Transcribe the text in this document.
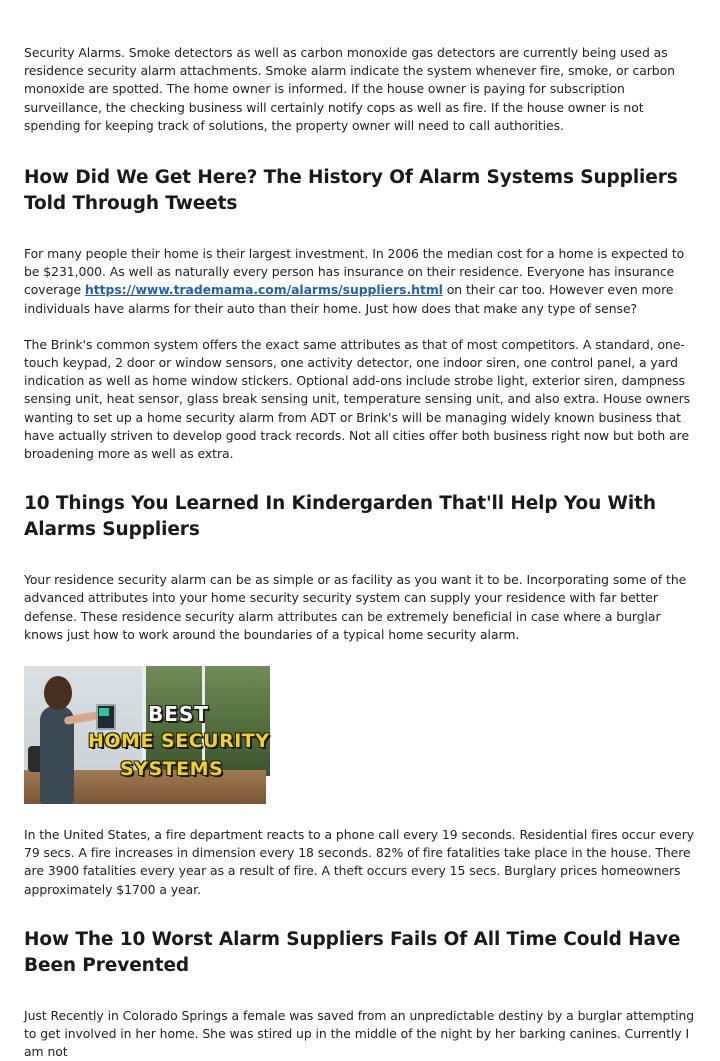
Security Alarms. Smoke detectors as well as carbon monoxide gas detectors are currently being used as residence security alarm attachments. Smoke alarm indicate the system whenever fire, smoke, or carbon monoxide are spotted. The home owner is informed. If the house owner is paying for subscription surveillance, the checking business will certainly notify cops as well as fire. If the house owner is not spending for keeping track of solutions, the property owner will need to call authorities.

How Did We Get Here? The History Of Alarm Systems Suppliers Told Through Tweets

For many people their home is their largest investment. In 2006 the median cost for a home is expected to be $231,000. As well as naturally every person has insurance on their residence. Everyone has insurance coverage https://www.trademama.com/alarms/suppliers.html on their car too. However even more individuals have alarms for their auto than their home. Just how does that make any type of sense?

The Brink's common system offers the exact same attributes as that of most competitors. A standard, one-touch keypad, 2 door or window sensors, one activity detector, one indoor siren, one control panel, a yard indication as well as home window stickers. Optional add-ons include strobe light, exterior siren, dampness sensing unit, heat sensor, glass break sensing unit, temperature sensing unit, and also extra. House owners wanting to set up a home security alarm from ADT or Brink's will be managing widely known business that have actually striven to develop good track records. Not all cities offer both business right now but both are broadening more as well as extra.

10 Things You Learned In Kindergarden That'll Help You With Alarms Suppliers

Your residence security alarm can be as simple or as facility as you want it to be. Incorporating some of the advanced attributes into your home security security system can supply your residence with far better defense. These residence security alarm attributes can be extremely beneficial in case where a burglar knows just how to work around the boundaries of a typical home security alarm.

BEST
HOME SECURITY
SYSTEMS

In the United States, a fire department reacts to a phone call every 19 seconds. Residential fires occur every 79 secs. A fire increases in dimension every 18 seconds. 82% of fire fatalities take place in the house. There are 3900 fatalities every year as a result of fire. A theft occurs every 15 secs. Burglary prices homeowners approximately $1700 a year.

How The 10 Worst Alarm Suppliers Fails Of All Time Could Have Been Prevented

Just Recently in Colorado Springs a female was saved from an unpredictable destiny by a burglar attempting to get involved in her home. She was stired up in the middle of the night by her barking canines. Currently I am not
